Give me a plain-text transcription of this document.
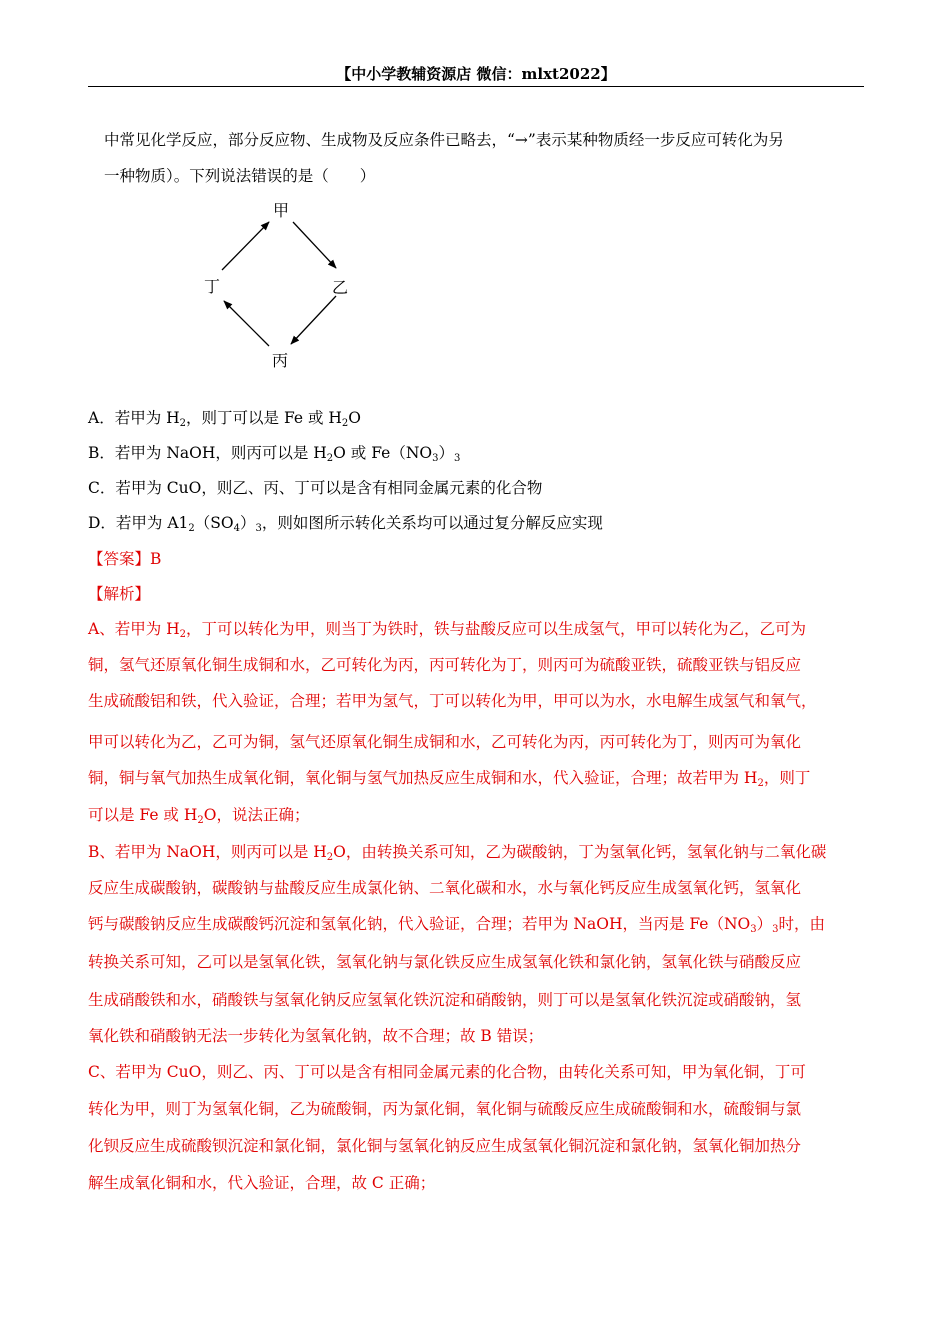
【中小学教辅资源店 微信：mlxt2022】
中常见化学反应，部分反应物、生成物及反应条件已略去，“→”表示某种物质经一步反应可转化为另
一种物质）。下列说法错误的是（　　）
甲
乙
丙
丁
A．若甲为 $H_2$，则丁可以是 Fe 或 $H_2O$
B．若甲为 NaOH，则丙可以是 $H_2O$ 或 $Fe(NO_3)_3$
C．若甲为 CuO，则乙、丙、丁可以是含有相同金属元素的化合物
D．若甲为 $A1_2(SO_4)_3$，则如图所示转化关系均可以通过复分解反应实现
【答案】B
【解析】
A、若甲为 $H_2$，丁可以转化为甲，则当丁为铁时，铁与盐酸反应可以生成氢气，甲可以转化为乙，乙可为
铜，氢气还原氧化铜生成铜和水，乙可转化为丙，丙可转化为丁，则丙可为硫酸亚铁，硫酸亚铁与铝反应
生成硫酸铝和铁，代入验证，合理；若甲为氢气，丁可以转化为甲，甲可以为水，水电解生成氢气和氧气，
甲可以转化为乙，乙可为铜，氢气还原氧化铜生成铜和水，乙可转化为丙，丙可转化为丁，则丙可为氧化
铜，铜与氧气加热生成氧化铜，氧化铜与氢气加热反应生成铜和水，代入验证，合理；故若甲为 $H_2$，则丁
可以是 Fe 或 $H_2O$，说法正确；
B、若甲为 NaOH，则丙可以是 $H_2O$，由转换关系可知，乙为碳酸钠，丁为氢氧化钙，氢氧化钠与二氧化碳
反应生成碳酸钠，碳酸钠与盐酸反应生成氯化钠、二氧化碳和水，水与氧化钙反应生成氢氧化钙，氢氧化
钙与碳酸钠反应生成碳酸钙沉淀和氢氧化钠，代入验证，合理；若甲为 NaOH，当丙是 $Fe(NO_3)_3$时，由
转换关系可知，乙可以是氢氧化铁，氢氧化钠与氯化铁反应生成氢氧化铁和氯化钠，氢氧化铁与硝酸反应
生成硝酸铁和水，硝酸铁与氢氧化钠反应氢氧化铁沉淀和硝酸钠，则丁可以是氢氧化铁沉淀或硝酸钠，氢
氧化铁和硝酸钠无法一步转化为氢氧化钠，故不合理；故 B 错误；
C、若甲为 CuO，则乙、丙、丁可以是含有相同金属元素的化合物，由转化关系可知，甲为氧化铜，丁可
转化为甲，则丁为氢氧化铜，乙为硫酸铜，丙为氯化铜，氧化铜与硫酸反应生成硫酸铜和水，硫酸铜与氯
化钡反应生成硫酸钡沉淀和氯化铜，氯化铜与氢氧化钠反应生成氢氧化铜沉淀和氯化钠，氢氧化铜加热分
解生成氧化铜和水，代入验证，合理，故 C 正确；
